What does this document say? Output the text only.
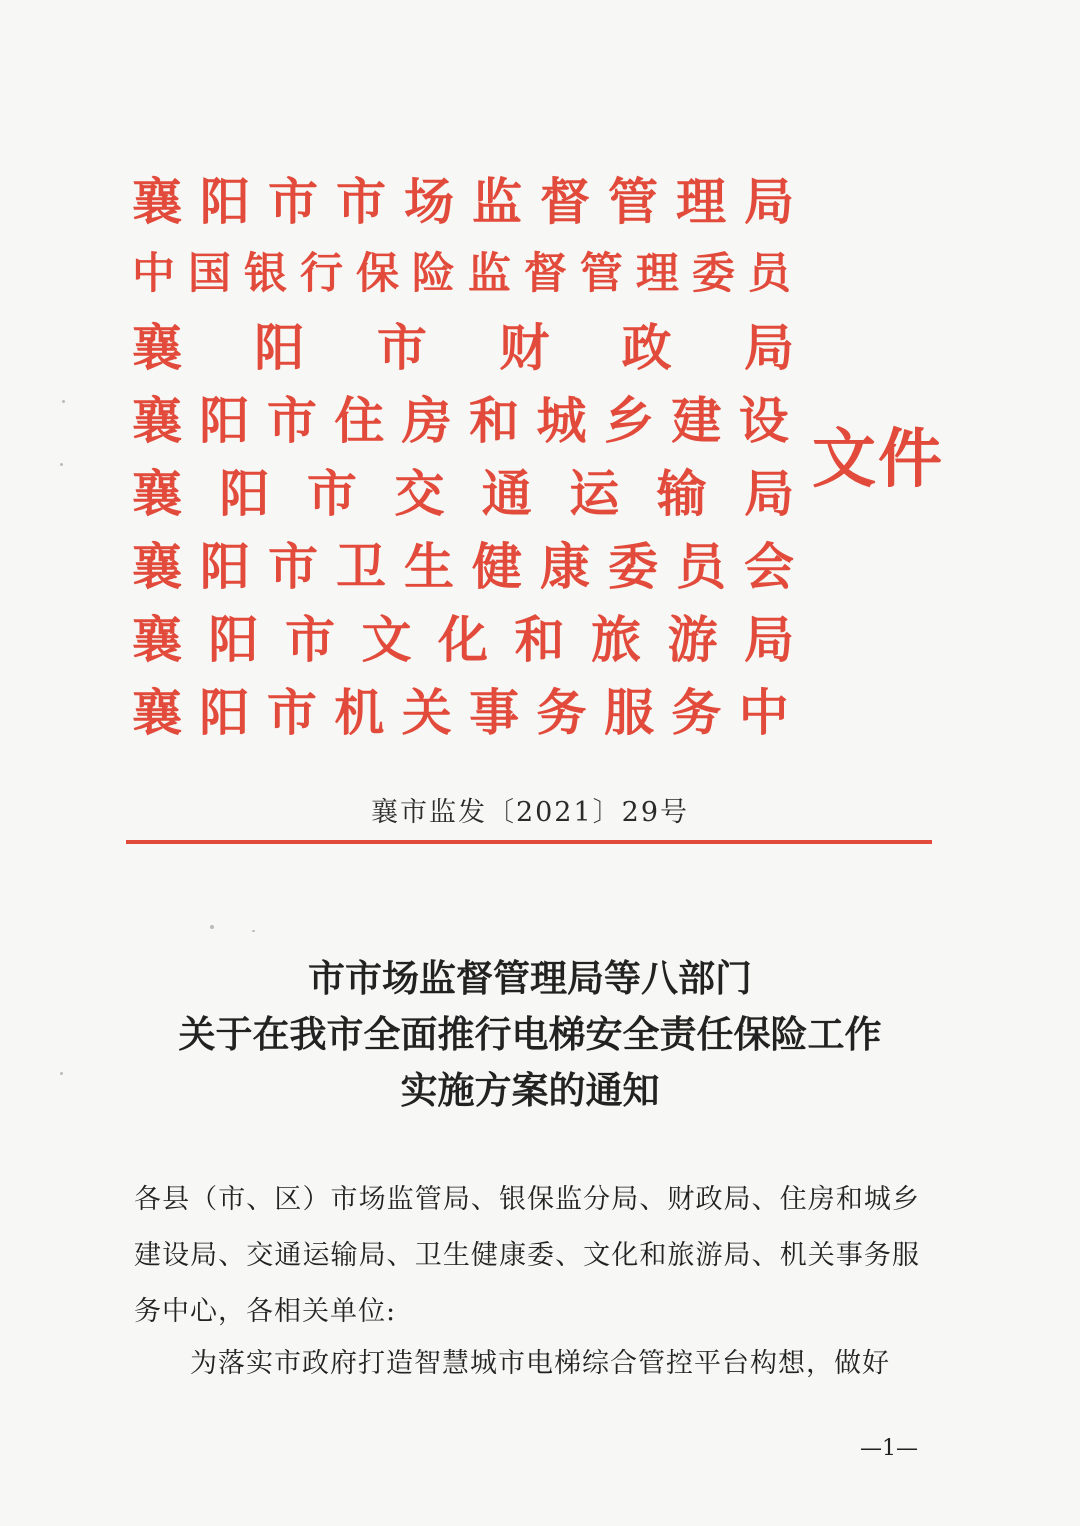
襄 阳 市 市 场 监 督 管 理 局
中 国 银 行 保 险 监 督 管 理 委 员
襄 阳 市 财 政 局
襄 阳 市 住 房 和 城 乡 建 设
襄 阳 市 交 通 运 输 局
襄 阳 市 卫 生 健 康 委 员 会
襄 阳 市 文 化 和 旅 游 局
襄 阳 市 机 关 事 务 服 务 中
文件
襄市监发〔2021〕29号
市市场监督管理局等八部门
关于在我市全面推行电梯安全责任保险工作
实施方案的通知
各县（市、区）市场监管局、银保监分局、财政局、住房和城乡建设局、交通运输局、卫生健康委、文化和旅游局、机关事务服务中心，各相关单位:
为落实市政府打造智慧城市电梯综合管控平台构想，做好
—1—
